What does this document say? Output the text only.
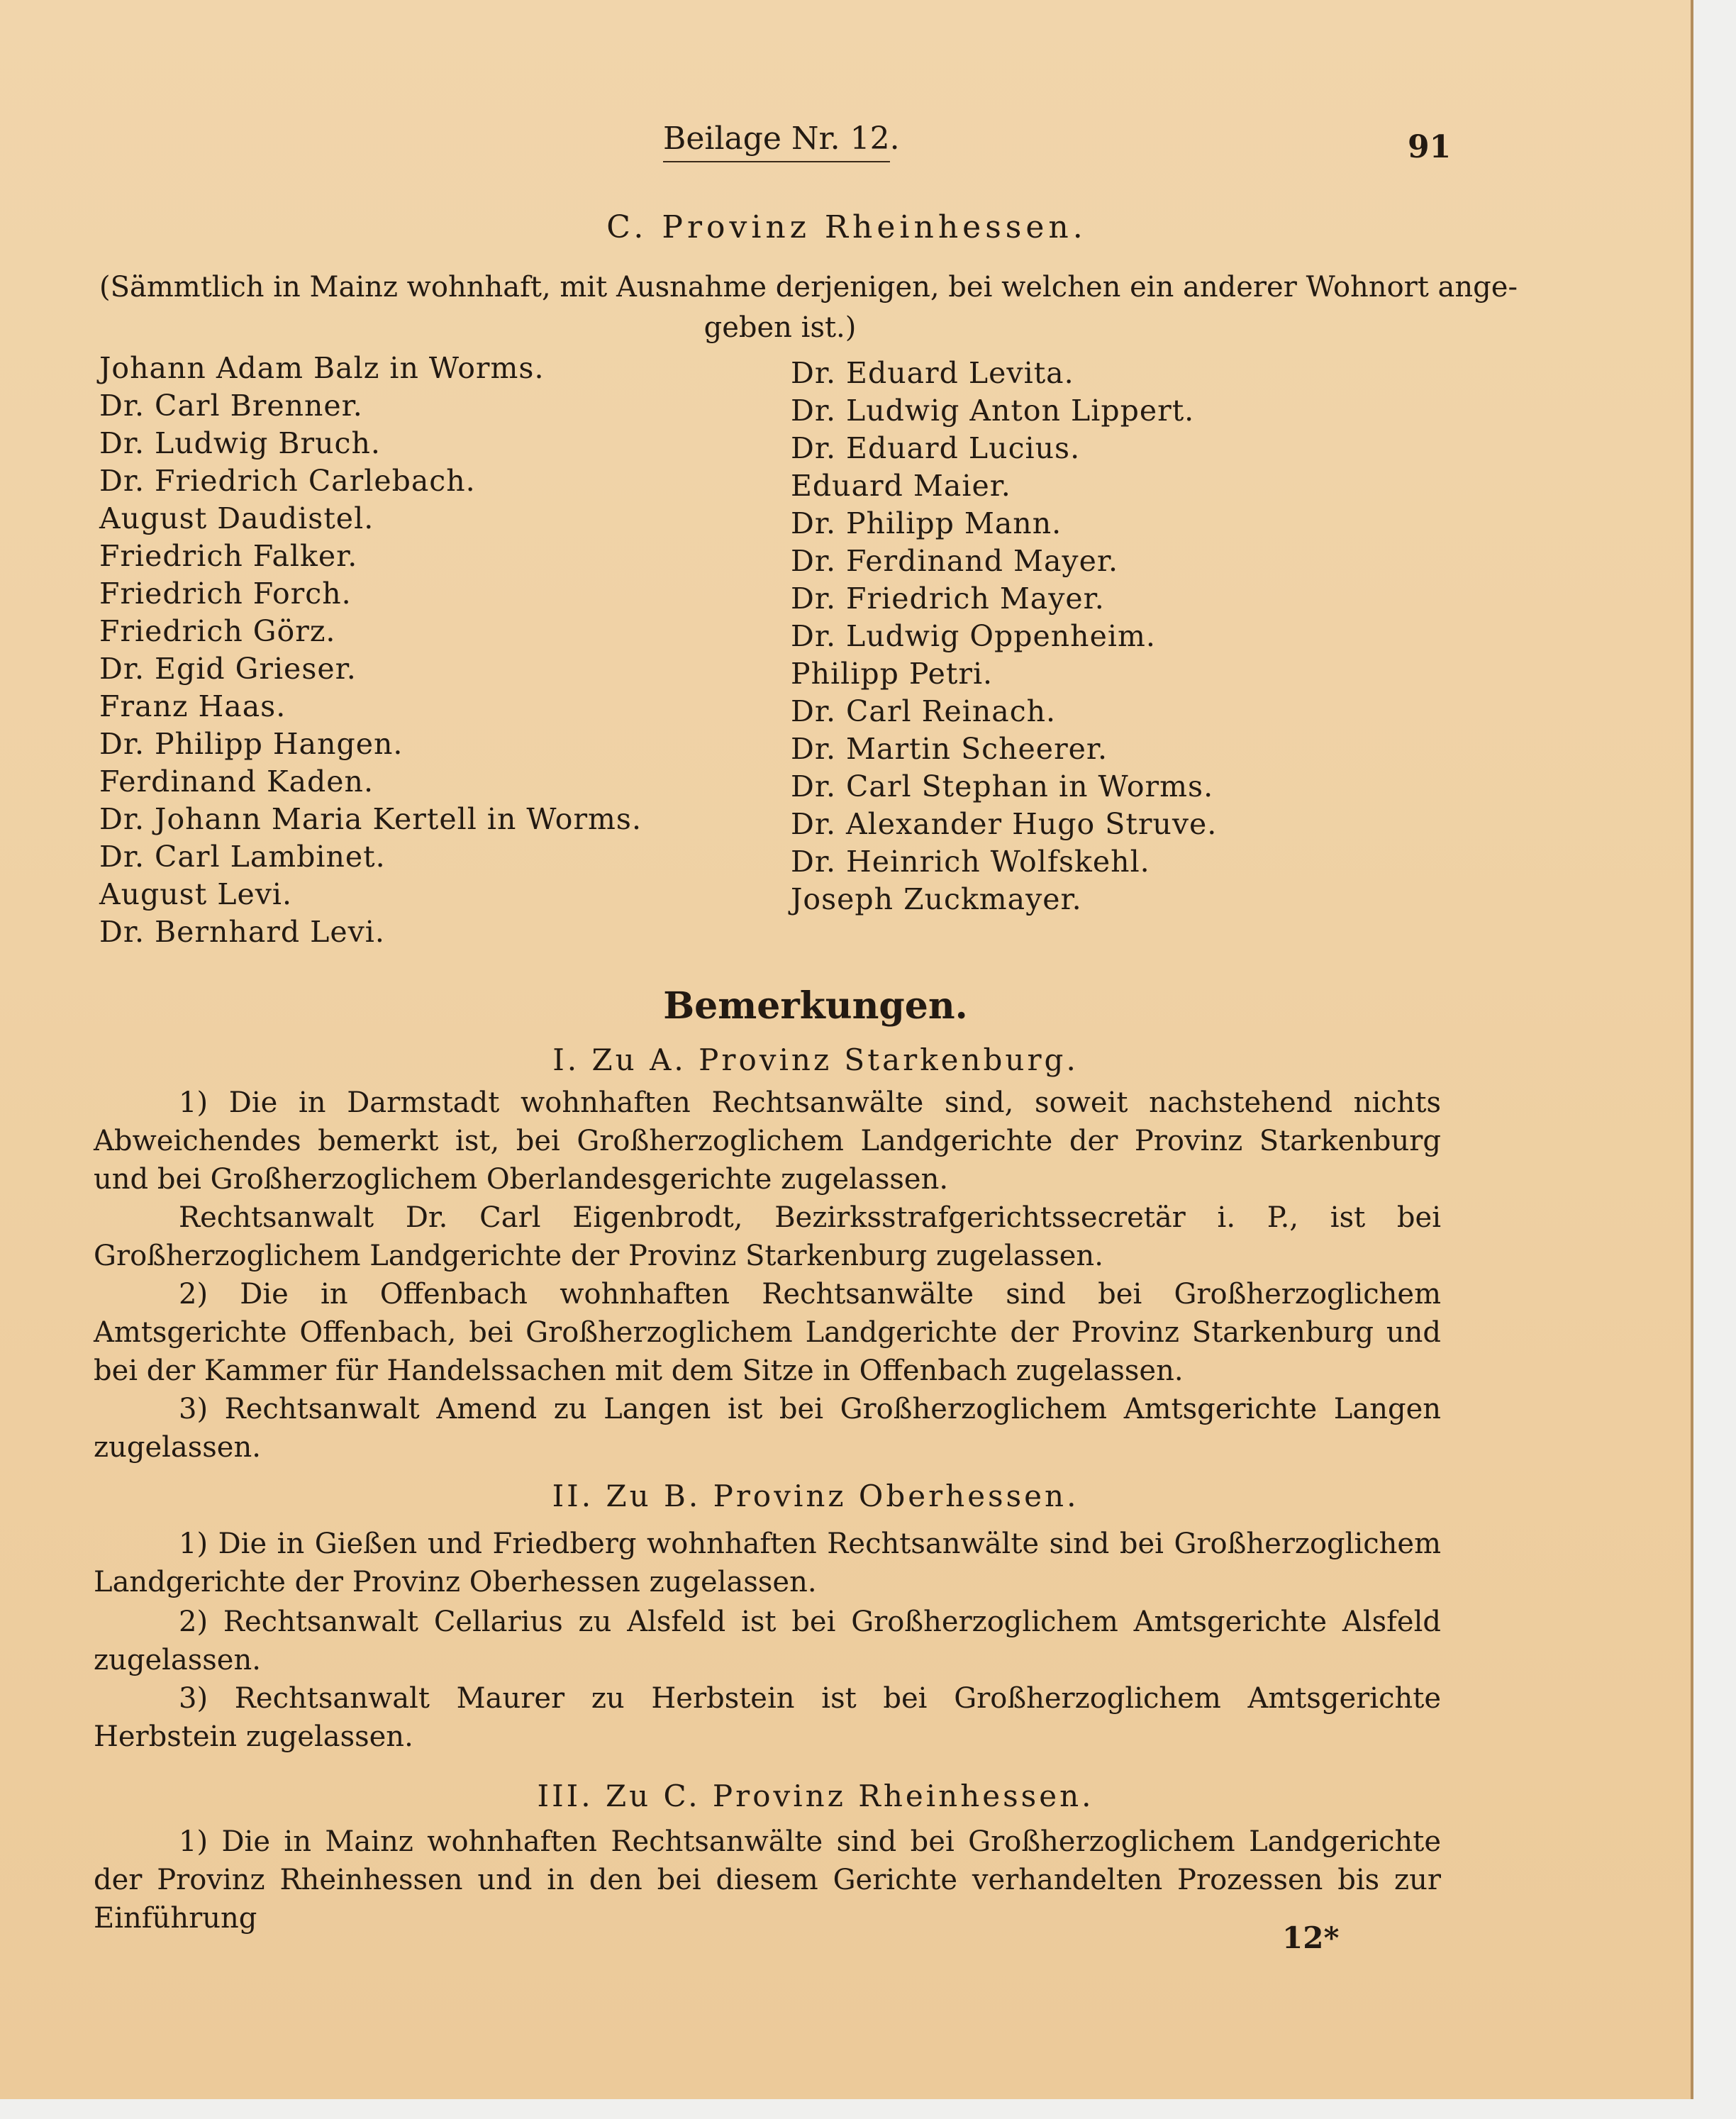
Beilage Nr. 12.	91
C. Provinz Rheinhessen.
(Sämmtlich in Mainz wohnhaft, mit Ausnahme derjenigen, bei welchen ein anderer Wohnort ange-
geben ist.)
Johann Adam Balz in Worms.
Dr. Carl Brenner.
Dr. Ludwig Bruch.
Dr. Friedrich Carlebach.
August Daudistel.
Friedrich Falker.
Friedrich Forch.
Friedrich Görz.
Dr. Egid Grieser.
Franz Haas.
Dr. Philipp Hangen.
Ferdinand Kaden.
Dr. Johann Maria Kertell in Worms.
Dr. Carl Lambinet.
August Levi.
Dr. Bernhard Levi.
Dr. Eduard Levita.
Dr. Ludwig Anton Lippert.
Dr. Eduard Lucius.
Eduard Maier.
Dr. Philipp Mann.
Dr. Ferdinand Mayer.
Dr. Friedrich Mayer.
Dr. Ludwig Oppenheim.
Philipp Petri.
Dr. Carl Reinach.
Dr. Martin Scheerer.
Dr. Carl Stephan in Worms.
Dr. Alexander Hugo Struve.
Dr. Heinrich Wolfskehl.
Joseph Zuckmayer.
Bemerkungen.
I. Zu A. Provinz Starkenburg.
1) Die in Darmstadt wohnhaften Rechtsanwälte sind, soweit nachstehend nichts Abweichendes bemerkt ist, bei Großherzoglichem Landgerichte der Provinz Starkenburg und bei Großherzoglichem Oberlandesgerichte zugelassen.
Rechtsanwalt Dr. Carl Eigenbrodt, Bezirksstrafgerichtssecretär i. P., ist bei Großherzoglichem Landgerichte der Provinz Starkenburg zugelassen.
2) Die in Offenbach wohnhaften Rechtsanwälte sind bei Großherzoglichem Amtsgerichte Offenbach, bei Großherzoglichem Landgerichte der Provinz Starkenburg und bei der Kammer für Handelssachen mit dem Sitze in Offenbach zugelassen.
3) Rechtsanwalt Amend zu Langen ist bei Großherzoglichem Amtsgerichte Langen zugelassen.
II. Zu B. Provinz Oberhessen.
1) Die in Gießen und Friedberg wohnhaften Rechtsanwälte sind bei Großherzoglichem Landgerichte der Provinz Oberhessen zugelassen.
2) Rechtsanwalt Cellarius zu Alsfeld ist bei Großherzoglichem Amtsgerichte Alsfeld zugelassen.
3) Rechtsanwalt Maurer zu Herbstein ist bei Großherzoglichem Amtsgerichte Herbstein zugelassen.
III. Zu C. Provinz Rheinhessen.
1) Die in Mainz wohnhaften Rechtsanwälte sind bei Großherzoglichem Landgerichte der Provinz Rheinhessen und in den bei diesem Gerichte verhandelten Prozessen bis zur Einführung
12*
